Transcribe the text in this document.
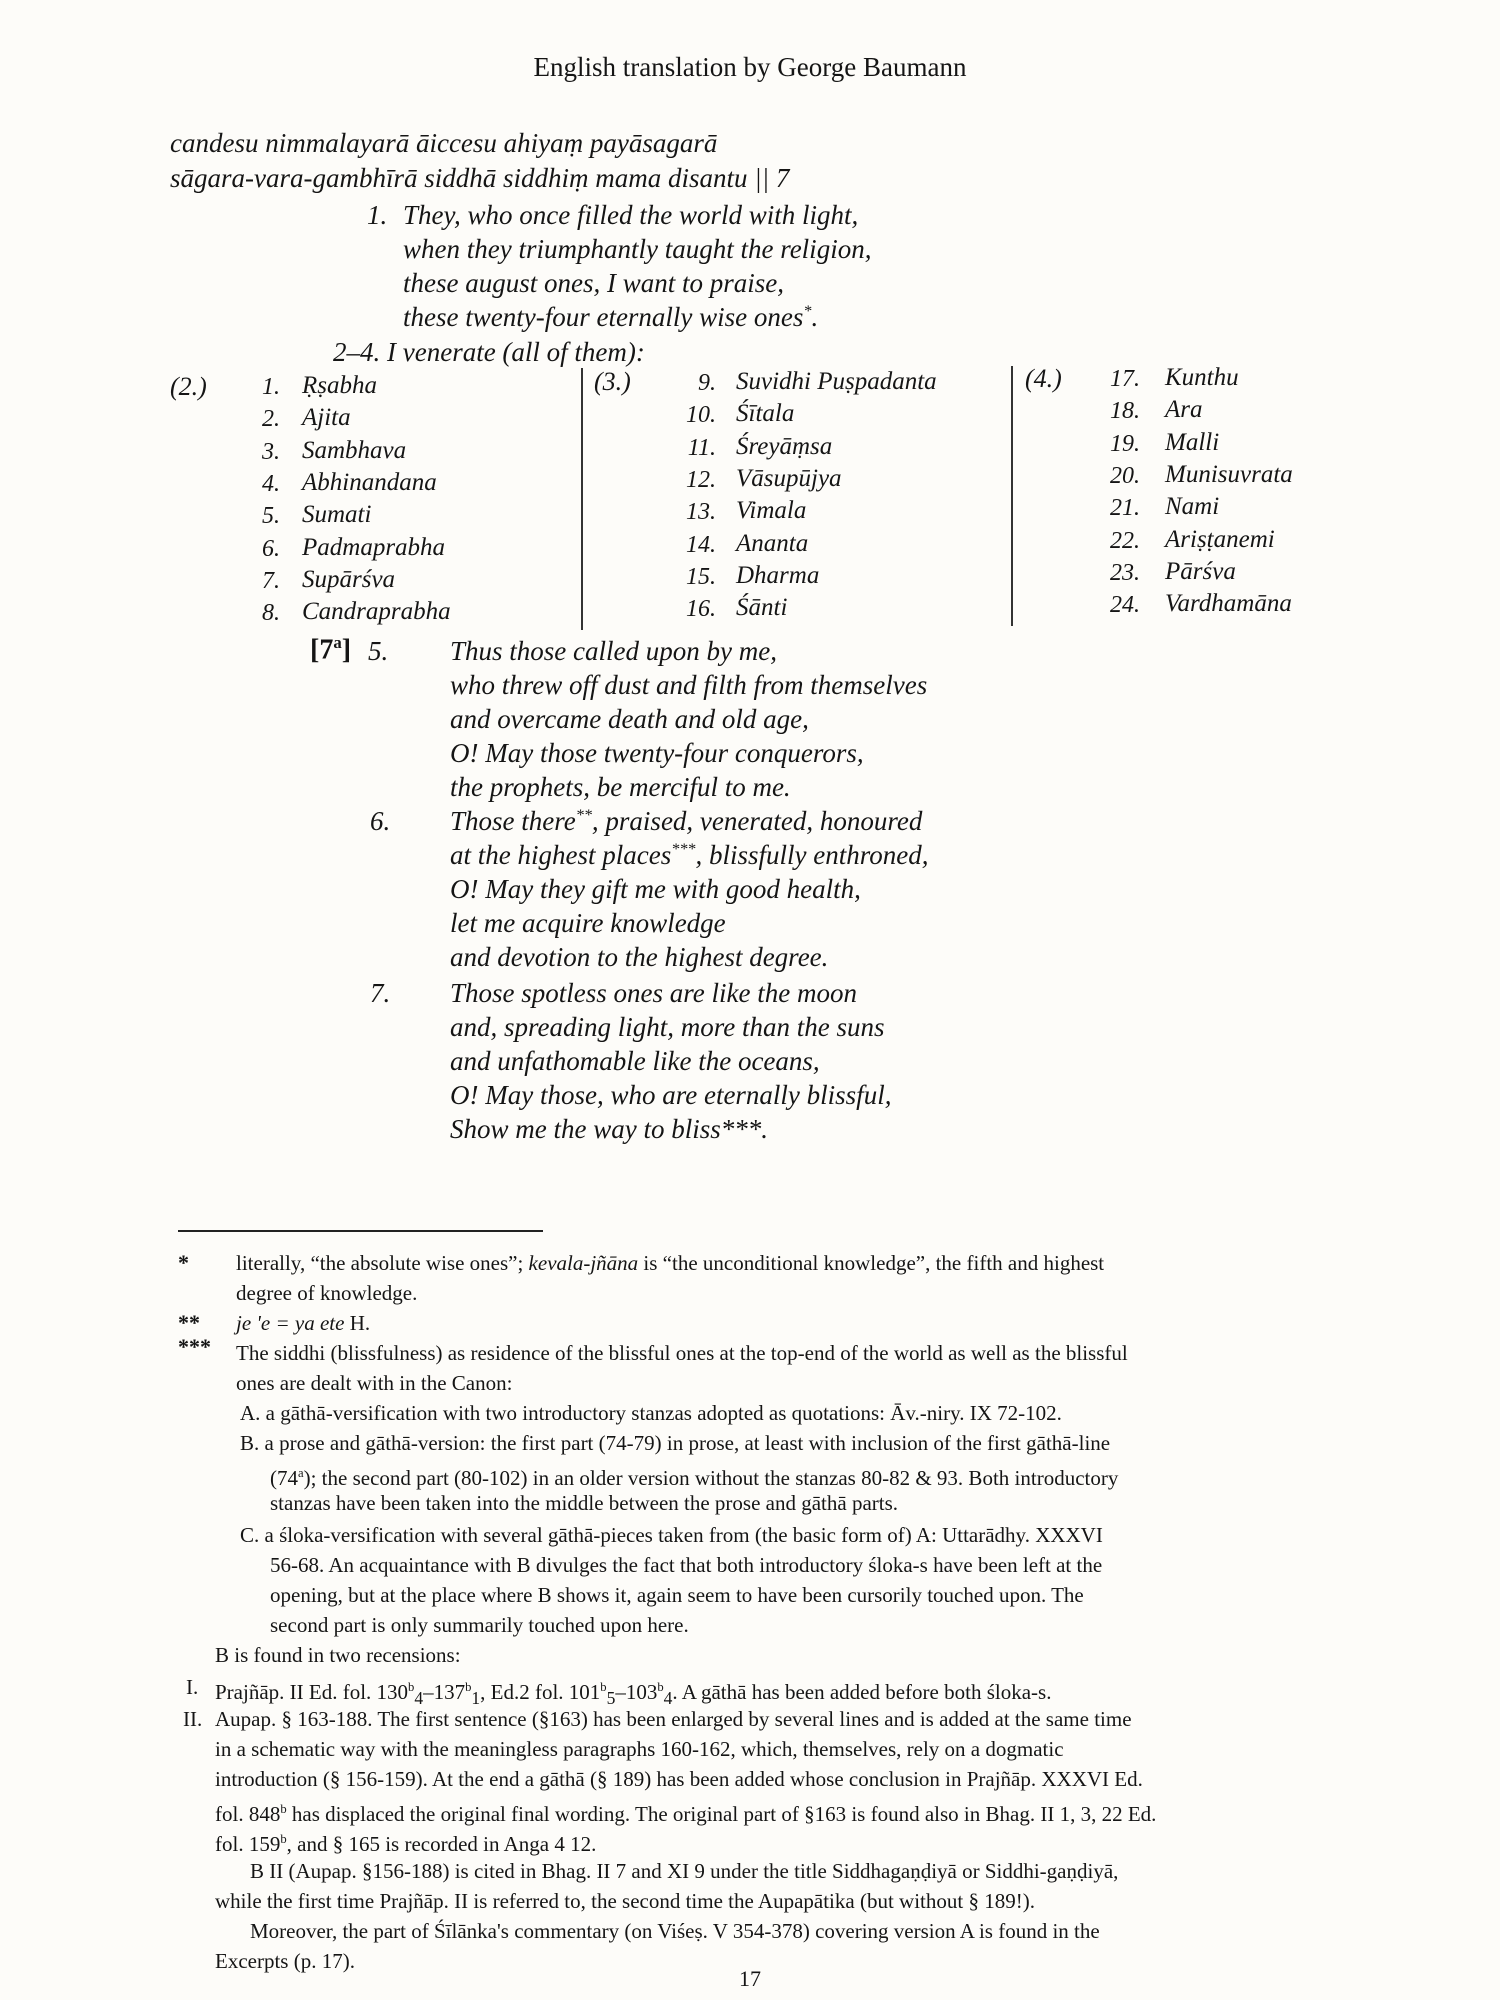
English translation by George Baumann
candesu nimmalayarā āiccesu ahiyaṃ payāsagarā
sāgara-vara-gambhīrā siddhā siddhiṃ mama disantu || 7
1. They, who once filled the world with light,
when they triumphantly taught the religion,
these august ones, I want to praise,
these twenty-four eternally wise ones*.
2–4. I venerate (all of them):
(2.)	(3.)	(4.)
1. Ṛṣabha
2. Ajita
3. Sambhava
4. Abhinandana
5. Sumati
6. Padmaprabha
7. Supārśva
8. Candraprabha
9. Suvidhi Puṣpadanta
10. Śītala
11. Śreyāṃsa
12. Vāsupūjya
13. Vimala
14. Ananta
15. Dharma
16. Śānti
17. Kunthu
18. Ara
19. Malli
20. Munisuvrata
21. Nami
22. Ariṣṭanemi
23. Pārśva
24. Vardhamāna
[7$^a$] 5. Thus those called upon by me,
who threw off dust and filth from themselves
and overcame death and old age,
O! May those twenty-four conquerors,
the prophets, be merciful to me.
6. Those there**, praised, venerated, honoured
at the highest places***, blissfully enthroned,
O! May they gift me with good health,
let me acquire knowledge
and devotion to the highest degree.
7. Those spotless ones are like the moon
and, spreading light, more than the suns
and unfathomable like the oceans,
O! May those, who are eternally blissful,
Show me the way to bliss***.
* literally, “the absolute wise ones”; kevala-jñāna is “the unconditional knowledge”, the fifth and highest
degree of knowledge.
** je 'e = ya ete H.
*** The siddhi (blissfulness) as residence of the blissful ones at the top-end of the world as well as the blissful
ones are dealt with in the Canon:
A. a gāthā-versification with two introductory stanzas adopted as quotations: Āv.-niry. IX 72-102.
B. a prose and gāthā-version: the first part (74-79) in prose, at least with inclusion of the first gāthā-line
(74$^a$); the second part (80-102) in an older version without the stanzas 80-82 & 93. Both introductory
stanzas have been taken into the middle between the prose and gāthā parts.
C. a śloka-versification with several gāthā-pieces taken from (the basic form of) A: Uttarādhy. XXXVI
56-68. An acquaintance with B divulges the fact that both introductory śloka-s have been left at the
opening, but at the place where B shows it, again seem to have been cursorily touched upon. The
second part is only summarily touched upon here.
B is found in two recensions:
I. Prajñāp. II Ed. fol. $130^b_4-137^b_1$, Ed.2 fol. $101^b_5-103^b_4$. A gāthā has been added before both śloka-s.
II. Aupap. § 163-188. The first sentence (§163) has been enlarged by several lines and is added at the same time
in a schematic way with the meaningless paragraphs 160-162, which, themselves, rely on a dogmatic
introduction (§ 156-159). At the end a gāthā (§ 189) has been added whose conclusion in Prajñāp. XXXVI Ed.
fol. 848$^b$ has displaced the original final wording. The original part of §163 is found also in Bhag. II 1, 3, 22 Ed.
fol. 159$^b$, and § 165 is recorded in Anga 4 12.
B II (Aupap. §156-188) is cited in Bhag. II 7 and XI 9 under the title Siddhagaṇḍiyā or Siddhi-gaṇḍiyā,
while the first time Prajñāp. II is referred to, the second time the Aupapātika (but without § 189!).
Moreover, the part of Śīlānka's commentary (on Viśeṣ. V 354-378) covering version A is found in the
Excerpts (p. 17).
17
